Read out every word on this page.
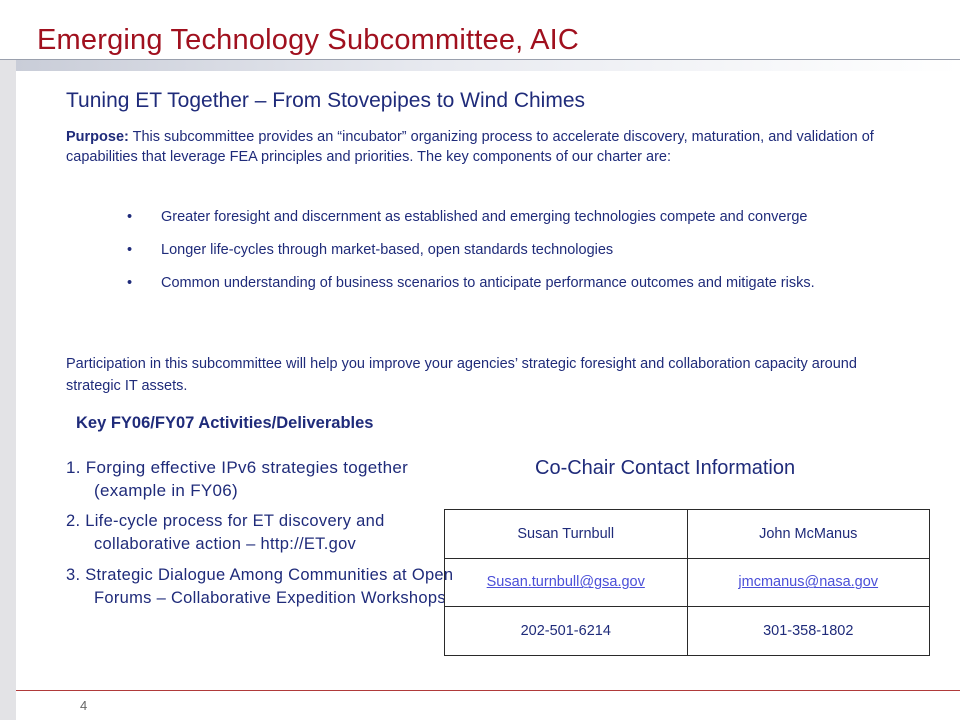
Emerging Technology Subcommittee, AIC
Tuning ET Together – From Stovepipes to Wind Chimes

Purpose: This subcommittee provides an “incubator” organizing process to accelerate discovery, maturation, and validation of capabilities that leverage FEA principles and priorities. The key components of our charter are:

• Greater foresight and discernment as established and emerging technologies compete and converge
• Longer life-cycles through market-based, open standards technologies
• Common understanding of business scenarios to anticipate performance outcomes and mitigate risks.

Participation in this subcommittee will help you improve your agencies’ strategic foresight and collaboration capacity around strategic IT assets.

Key FY06/FY07 Activities/Deliverables
1. Forging effective IPv6 strategies together (example in FY06)
2. Life-cycle process for ET discovery and collaborative action – http://ET.gov
3. Strategic Dialogue Among Communities at Open Forums – Collaborative Expedition Workshops
Co-Chair Contact Information
Susan Turnbull	John McManus
Susan.turnbull@gsa.gov	jmcmanus@nasa.gov
202-501-6214	301-358-1802
4
